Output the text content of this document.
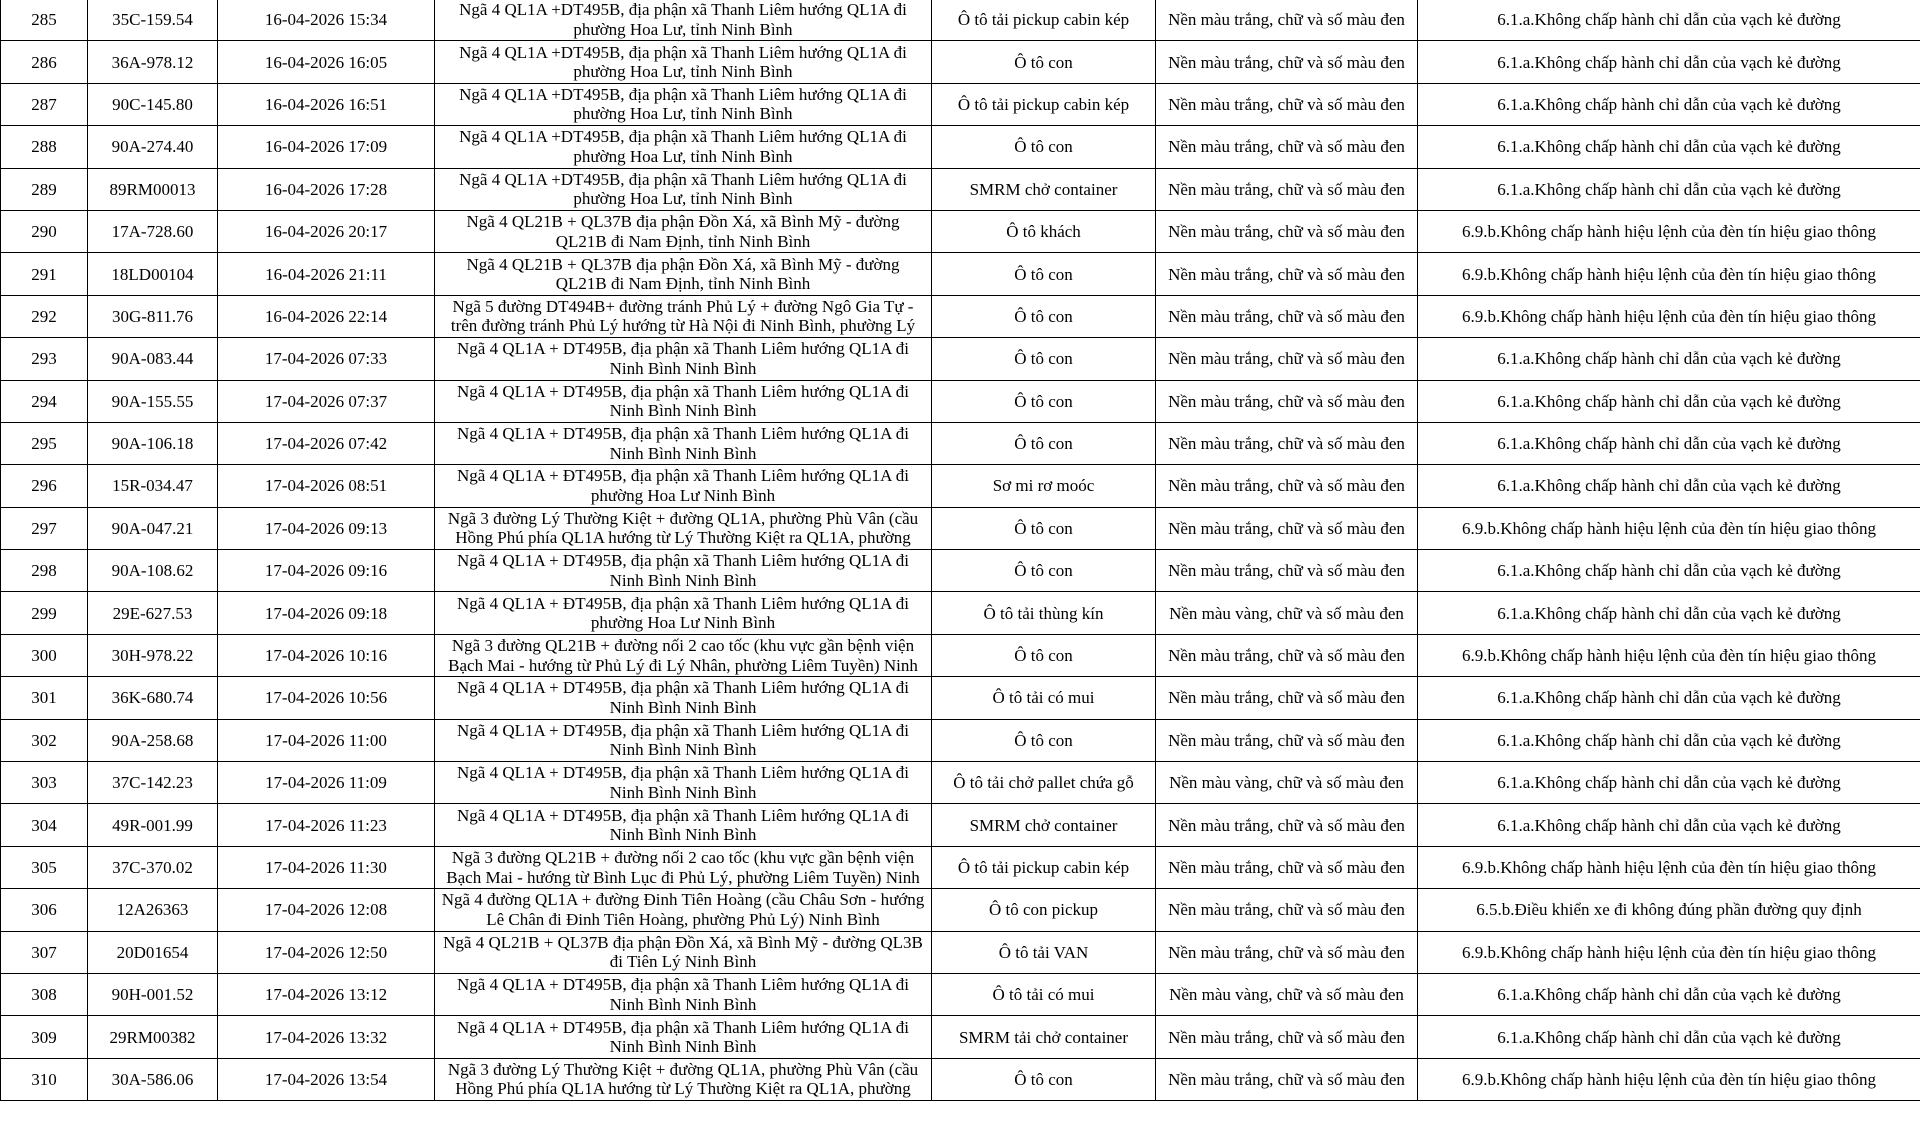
285	35C-159.54	16-04-2026 15:34	Ngã 4 QL1A +DT495B, địa phận xã Thanh Liêm hướng QL1A đi phường Hoa Lư, tỉnh Ninh Bình	Ô tô tải pickup cabin kép	Nền màu trắng, chữ và số màu đen	6.1.a.Không chấp hành chỉ dẫn của vạch kẻ đường
286	36A-978.12	16-04-2026 16:05	Ngã 4 QL1A +DT495B, địa phận xã Thanh Liêm hướng QL1A đi phường Hoa Lư, tỉnh Ninh Bình	Ô tô con	Nền màu trắng, chữ và số màu đen	6.1.a.Không chấp hành chỉ dẫn của vạch kẻ đường
287	90C-145.80	16-04-2026 16:51	Ngã 4 QL1A +DT495B, địa phận xã Thanh Liêm hướng QL1A đi phường Hoa Lư, tỉnh Ninh Bình	Ô tô tải pickup cabin kép	Nền màu trắng, chữ và số màu đen	6.1.a.Không chấp hành chỉ dẫn của vạch kẻ đường
288	90A-274.40	16-04-2026 17:09	Ngã 4 QL1A +DT495B, địa phận xã Thanh Liêm hướng QL1A đi phường Hoa Lư, tỉnh Ninh Bình	Ô tô con	Nền màu trắng, chữ và số màu đen	6.1.a.Không chấp hành chỉ dẫn của vạch kẻ đường
289	89RM00013	16-04-2026 17:28	Ngã 4 QL1A +DT495B, địa phận xã Thanh Liêm hướng QL1A đi phường Hoa Lư, tỉnh Ninh Bình	SMRM chở container	Nền màu trắng, chữ và số màu đen	6.1.a.Không chấp hành chỉ dẫn của vạch kẻ đường
290	17A-728.60	16-04-2026 20:17	Ngã 4 QL21B + QL37B địa phận Đồn Xá, xã Bình Mỹ - đường QL21B đi Nam Định, tỉnh Ninh Bình	Ô tô khách	Nền màu trắng, chữ và số màu đen	6.9.b.Không chấp hành hiệu lệnh của đèn tín hiệu giao thông
291	18LD00104	16-04-2026 21:11	Ngã 4 QL21B + QL37B địa phận Đồn Xá, xã Bình Mỹ - đường QL21B đi Nam Định, tỉnh Ninh Bình	Ô tô con	Nền màu trắng, chữ và số màu đen	6.9.b.Không chấp hành hiệu lệnh của đèn tín hiệu giao thông
292	30G-811.76	16-04-2026 22:14	Ngã 5 đường DT494B+ đường tránh Phủ Lý + đường Ngô Gia Tự - trên đường tránh Phủ Lý hướng từ Hà Nội đi Ninh Bình, phường Lý	Ô tô con	Nền màu trắng, chữ và số màu đen	6.9.b.Không chấp hành hiệu lệnh của đèn tín hiệu giao thông
293	90A-083.44	17-04-2026 07:33	Ngã 4 QL1A + DT495B, địa phận xã Thanh Liêm hướng QL1A đi Ninh Bình Ninh Bình	Ô tô con	Nền màu trắng, chữ và số màu đen	6.1.a.Không chấp hành chỉ dẫn của vạch kẻ đường
294	90A-155.55	17-04-2026 07:37	Ngã 4 QL1A + DT495B, địa phận xã Thanh Liêm hướng QL1A đi Ninh Bình Ninh Bình	Ô tô con	Nền màu trắng, chữ và số màu đen	6.1.a.Không chấp hành chỉ dẫn của vạch kẻ đường
295	90A-106.18	17-04-2026 07:42	Ngã 4 QL1A + DT495B, địa phận xã Thanh Liêm hướng QL1A đi Ninh Bình Ninh Bình	Ô tô con	Nền màu trắng, chữ và số màu đen	6.1.a.Không chấp hành chỉ dẫn của vạch kẻ đường
296	15R-034.47	17-04-2026 08:51	Ngã 4 QL1A + ĐT495B, địa phận xã Thanh Liêm hướng QL1A đi phường Hoa Lư Ninh Bình	Sơ mi rơ moóc	Nền màu trắng, chữ và số màu đen	6.1.a.Không chấp hành chỉ dẫn của vạch kẻ đường
297	90A-047.21	17-04-2026 09:13	Ngã 3 đường Lý Thường Kiệt + đường QL1A, phường Phù Vân (cầu Hồng Phú phía QL1A hướng từ Lý Thường Kiệt ra QL1A, phường	Ô tô con	Nền màu trắng, chữ và số màu đen	6.9.b.Không chấp hành hiệu lệnh của đèn tín hiệu giao thông
298	90A-108.62	17-04-2026 09:16	Ngã 4 QL1A + DT495B, địa phận xã Thanh Liêm hướng QL1A đi Ninh Bình Ninh Bình	Ô tô con	Nền màu trắng, chữ và số màu đen	6.1.a.Không chấp hành chỉ dẫn của vạch kẻ đường
299	29E-627.53	17-04-2026 09:18	Ngã 4 QL1A + ĐT495B, địa phận xã Thanh Liêm hướng QL1A đi phường Hoa Lư Ninh Bình	Ô tô tải thùng kín	Nền màu vàng, chữ và số màu đen	6.1.a.Không chấp hành chỉ dẫn của vạch kẻ đường
300	30H-978.22	17-04-2026 10:16	Ngã 3 đường QL21B + đường nối 2 cao tốc (khu vực gần bệnh viện Bạch Mai - hướng từ Phủ Lý đi Lý Nhân, phường Liêm Tuyền) Ninh	Ô tô con	Nền màu trắng, chữ và số màu đen	6.9.b.Không chấp hành hiệu lệnh của đèn tín hiệu giao thông
301	36K-680.74	17-04-2026 10:56	Ngã 4 QL1A + DT495B, địa phận xã Thanh Liêm hướng QL1A đi Ninh Bình Ninh Bình	Ô tô tải có mui	Nền màu trắng, chữ và số màu đen	6.1.a.Không chấp hành chỉ dẫn của vạch kẻ đường
302	90A-258.68	17-04-2026 11:00	Ngã 4 QL1A + DT495B, địa phận xã Thanh Liêm hướng QL1A đi Ninh Bình Ninh Bình	Ô tô con	Nền màu trắng, chữ và số màu đen	6.1.a.Không chấp hành chỉ dẫn của vạch kẻ đường
303	37C-142.23	17-04-2026 11:09	Ngã 4 QL1A + DT495B, địa phận xã Thanh Liêm hướng QL1A đi Ninh Bình Ninh Bình	Ô tô tải chở pallet chứa gỗ	Nền màu vàng, chữ và số màu đen	6.1.a.Không chấp hành chỉ dẫn của vạch kẻ đường
304	49R-001.99	17-04-2026 11:23	Ngã 4 QL1A + DT495B, địa phận xã Thanh Liêm hướng QL1A đi Ninh Bình Ninh Bình	SMRM chở container	Nền màu trắng, chữ và số màu đen	6.1.a.Không chấp hành chỉ dẫn của vạch kẻ đường
305	37C-370.02	17-04-2026 11:30	Ngã 3 đường QL21B + đường nối 2 cao tốc (khu vực gần bệnh viện Bạch Mai - hướng từ Bình Lục đi Phủ Lý, phường Liêm Tuyền) Ninh	Ô tô tải pickup cabin kép	Nền màu trắng, chữ và số màu đen	6.9.b.Không chấp hành hiệu lệnh của đèn tín hiệu giao thông
306	12A26363	17-04-2026 12:08	Ngã 4 đường QL1A + đường Đinh Tiên Hoàng (cầu Châu Sơn - hướng Lê Chân đi Đinh Tiên Hoàng, phường Phủ Lý) Ninh Bình	Ô tô con pickup	Nền màu trắng, chữ và số màu đen	6.5.b.Điều khiển xe đi không đúng phần đường quy định
307	20D01654	17-04-2026 12:50	Ngã 4 QL21B + QL37B địa phận Đồn Xá, xã Bình Mỹ - đường QL3B đi Tiên Lý Ninh Bình	Ô tô tải VAN	Nền màu trắng, chữ và số màu đen	6.9.b.Không chấp hành hiệu lệnh của đèn tín hiệu giao thông
308	90H-001.52	17-04-2026 13:12	Ngã 4 QL1A + DT495B, địa phận xã Thanh Liêm hướng QL1A đi Ninh Bình Ninh Bình	Ô tô tải có mui	Nền màu vàng, chữ và số màu đen	6.1.a.Không chấp hành chỉ dẫn của vạch kẻ đường
309	29RM00382	17-04-2026 13:32	Ngã 4 QL1A + DT495B, địa phận xã Thanh Liêm hướng QL1A đi Ninh Bình Ninh Bình	SMRM tải chở container	Nền màu trắng, chữ và số màu đen	6.1.a.Không chấp hành chỉ dẫn của vạch kẻ đường
310	30A-586.06	17-04-2026 13:54	Ngã 3 đường Lý Thường Kiệt + đường QL1A, phường Phù Vân (cầu Hồng Phú phía QL1A hướng từ Lý Thường Kiệt ra QL1A, phường	Ô tô con	Nền màu trắng, chữ và số màu đen	6.9.b.Không chấp hành hiệu lệnh của đèn tín hiệu giao thông
